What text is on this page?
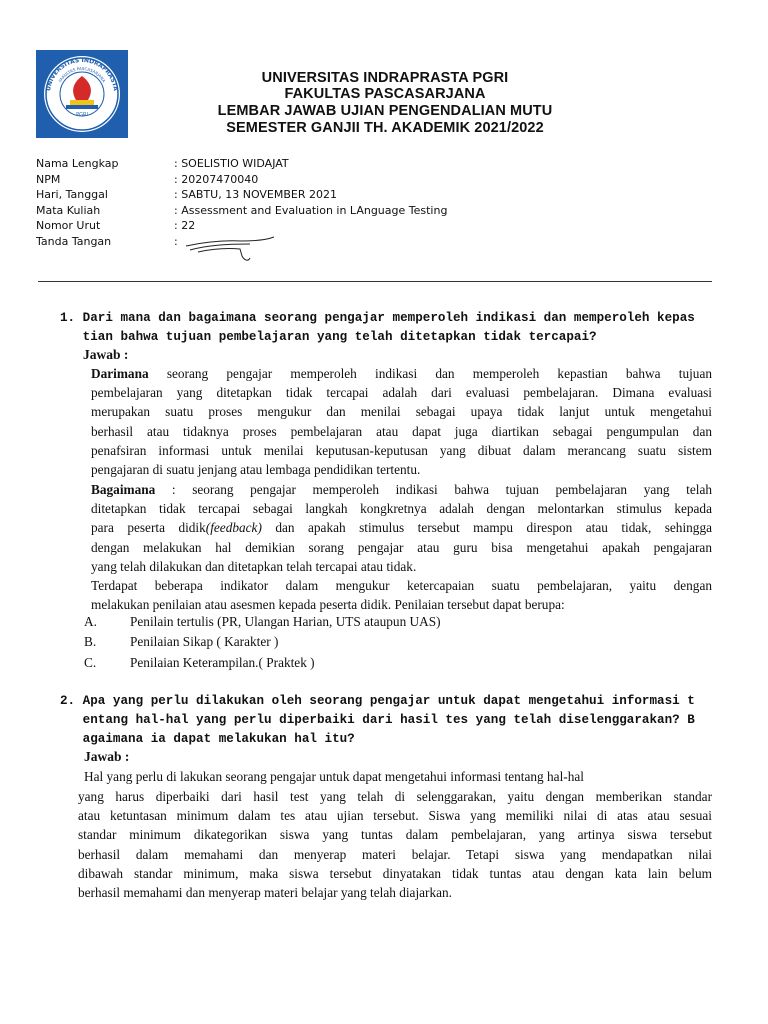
PGRI
UNIVERSITAS INDRAPRASTA
FAKULTAS PASCASARJANA	UNIVERSITAS INDRAPRASTA PGRI
FAKULTAS PASCASARJANA
LEMBAR JAWAB UJIAN PENGENDALIAN MUTU
SEMESTER GANJII TH. AKADEMIK 2021/2022
Nama Lengkap	: SOELISTIO WIDAJAT
NPM	: 20207470040
Hari, Tanggal	: SABTU, 13 NOVEMBER 2021
Mata Kuliah	: Assessment and Evaluation in LAnguage Testing
Nomor Urut	: 22
Tanda Tangan	:
1. Dari mana dan bagaimana seorang pengajar memperoleh indikasi dan memperoleh kepas
tian bahwa tujuan pembelajaran yang telah ditetapkan tidak tercapai?
Jawab :
Darimana seorang pengajar memperoleh indikasi dan memperoleh kepastian bahwa tujuan
pembelajaran yang ditetapkan tidak tercapai adalah dari evaluasi pembelajaran. Dimana evaluasi
merupakan suatu proses mengukur dan menilai sebagai upaya tidak lanjut untuk mengetahui
berhasil atau tidaknya proses pembelajaran atau dapat juga diartikan sebagai pengumpulan dan
penafsiran informasi untuk menilai keputusan-keputusan yang dibuat dalam merancang suatu sistem
pengajaran di suatu jenjang atau lembaga pendidikan tertentu.
Bagaimana : seorang pengajar memperoleh indikasi bahwa tujuan pembelajaran yang telah
ditetapkan tidak tercapai sebagai langkah kongkretnya adalah dengan melontarkan stimulus kepada
para peserta didik(feedback) dan apakah stimulus tersebut mampu direspon atau tidak, sehingga
dengan melakukan hal demikian sorang pengajar atau guru bisa mengetahui apakah pengajaran
yang telah dilakukan dan ditetapkan telah tercapai atau tidak.
Terdapat beberapa indikator dalam mengukur ketercapaian suatu pembelajaran, yaitu dengan
melakukan penilaian atau asesmen kepada peserta didik. Penilaian tersebut dapat berupa:
A. Penilain tertulis (PR, Ulangan Harian, UTS ataupun UAS)
B.	Penilaian Sikap ( Karakter )
C.	Penilaian Keterampilan.( Praktek )
2. Apa yang perlu dilakukan oleh seorang pengajar untuk dapat mengetahui informasi t
entang hal-hal yang perlu diperbaiki dari hasil tes yang telah diselenggarakan? B
agaimana ia dapat melakukan hal itu?
Jawab :
Hal yang perlu di lakukan seorang pengajar untuk dapat mengetahui informasi tentang hal-hal
yang harus diperbaiki dari hasil test yang telah di selenggarakan, yaitu dengan memberikan standar
atau ketuntasan minimum dalam tes atau ujian tersebut. Siswa yang memiliki nilai di atas atau sesuai
standar minimum dikategorikan siswa yang tuntas dalam pembelajaran, yang artinya siswa tersebut
berhasil dalam memahami dan menyerap materi belajar. Tetapi siswa yang mendapatkan nilai
dibawah standar minimum, maka siswa tersebut dinyatakan tidak tuntas atau dengan kata lain belum
berhasil memahami dan menyerap materi belajar yang telah diajarkan.
